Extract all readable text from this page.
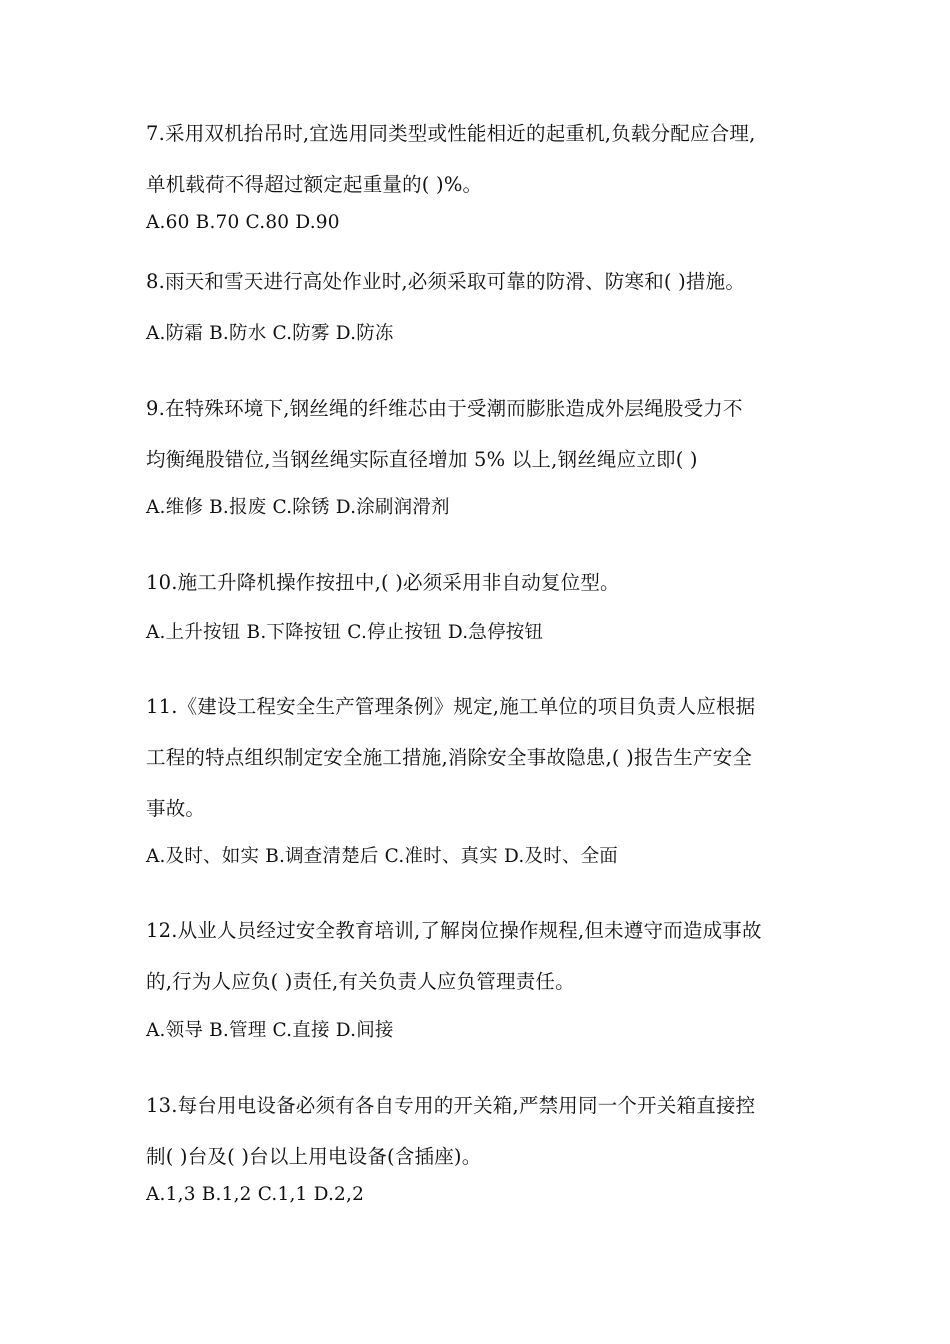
7.采用双机抬吊时,宜选用同类型或性能相近的起重机,负载分配应合理,

单机载荷不得超过额定起重量的( )%。

A.60 B.70 C.80 D.90

8.雨天和雪天进行高处作业时,必须采取可靠的防滑、防寒和( )措施。

A.防霜 B.防水 C.防雾 D.防冻

9.在特殊环境下,钢丝绳的纤维芯由于受潮而膨胀造成外层绳股受力不

均衡绳股错位,当钢丝绳实际直径增加 5% 以上,钢丝绳应立即( )

A.维修 B.报废 C.除锈 D.涂刷润滑剂

10.施工升降机操作按扭中,( )必须采用非自动复位型。

A.上升按钮 B.下降按钮 C.停止按钮 D.急停按钮

11.《建设工程安全生产管理条例》规定,施工单位的项目负责人应根据

工程的特点组织制定安全施工措施,消除安全事故隐患,( )报告生产安全

事故。

A.及时、如实 B.调查清楚后 C.准时、真实 D.及时、全面

12.从业人员经过安全教育培训,了解岗位操作规程,但未遵守而造成事故

的,行为人应负( )责任,有关负责人应负管理责任。

A.领导 B.管理 C.直接 D.间接

13.每台用电设备必须有各自专用的开关箱,严禁用同一个开关箱直接控

制( )台及( )台以上用电设备(含插座)。

A.1,3 B.1,2 C.1,1 D.2,2
